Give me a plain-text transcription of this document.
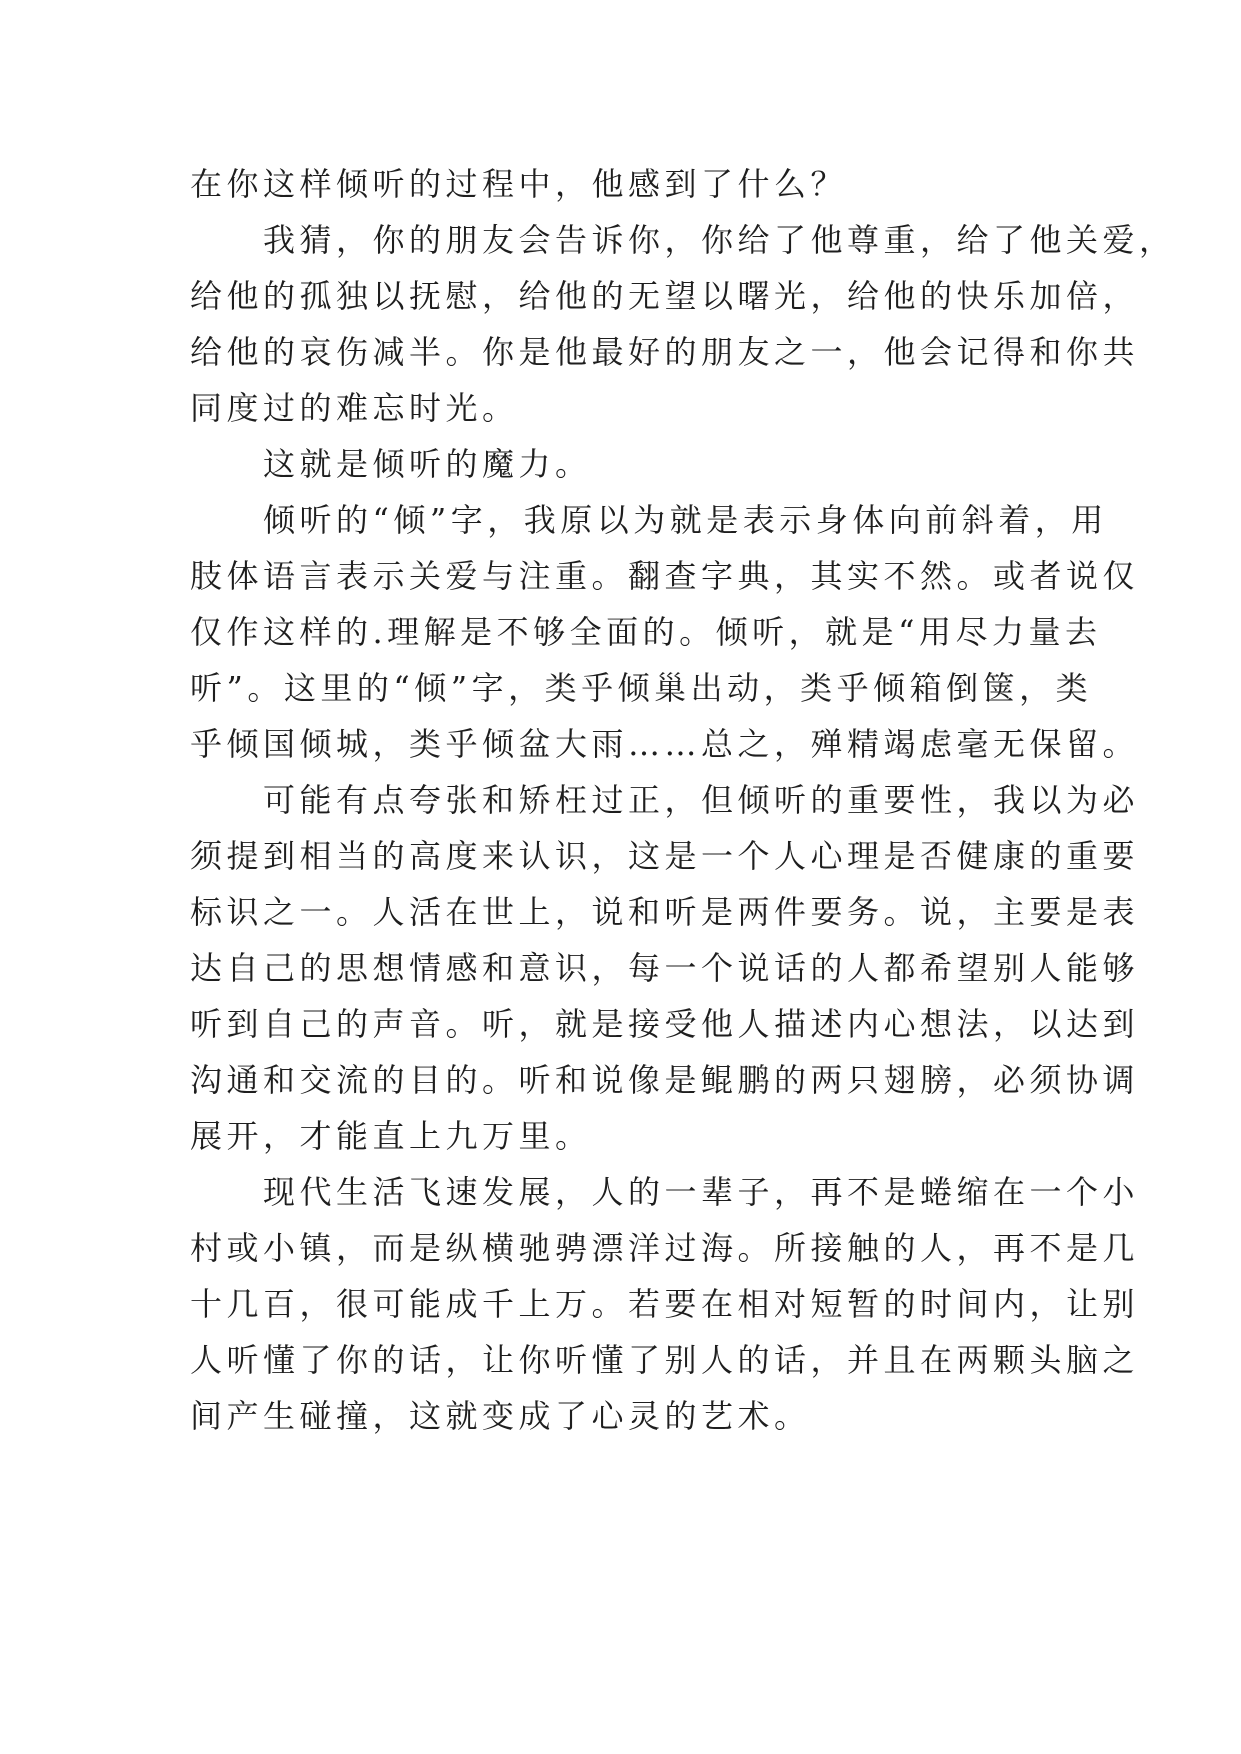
在你这样倾听的过程中，他感到了什么？
　　我猜，你的朋友会告诉你，你给了他尊重，给了他关爱，
给他的孤独以抚慰，给他的无望以曙光，给他的快乐加倍，
给他的哀伤减半。你是他最好的朋友之一，他会记得和你共
同度过的难忘时光。
　　这就是倾听的魔力。
　　倾听的“倾”字，我原以为就是表示身体向前斜着，用
肢体语言表示关爱与注重。翻查字典，其实不然。或者说仅
仅作这样的.理解是不够全面的。倾听，就是“用尽力量去
听”。这里的“倾”字，类乎倾巢出动，类乎倾箱倒箧，类
乎倾国倾城，类乎倾盆大雨……总之，殚精竭虑毫无保留。
　　可能有点夸张和矫枉过正，但倾听的重要性，我以为必
须提到相当的高度来认识，这是一个人心理是否健康的重要
标识之一。人活在世上，说和听是两件要务。说，主要是表
达自己的思想情感和意识，每一个说话的人都希望别人能够
听到自己的声音。听，就是接受他人描述内心想法，以达到
沟通和交流的目的。听和说像是鲲鹏的两只翅膀，必须协调
展开，才能直上九万里。
　　现代生活飞速发展，人的一辈子，再不是蜷缩在一个小
村或小镇，而是纵横驰骋漂洋过海。所接触的人，再不是几
十几百，很可能成千上万。若要在相对短暂的时间内，让别
人听懂了你的话，让你听懂了别人的话，并且在两颗头脑之
间产生碰撞，这就变成了心灵的艺术。
